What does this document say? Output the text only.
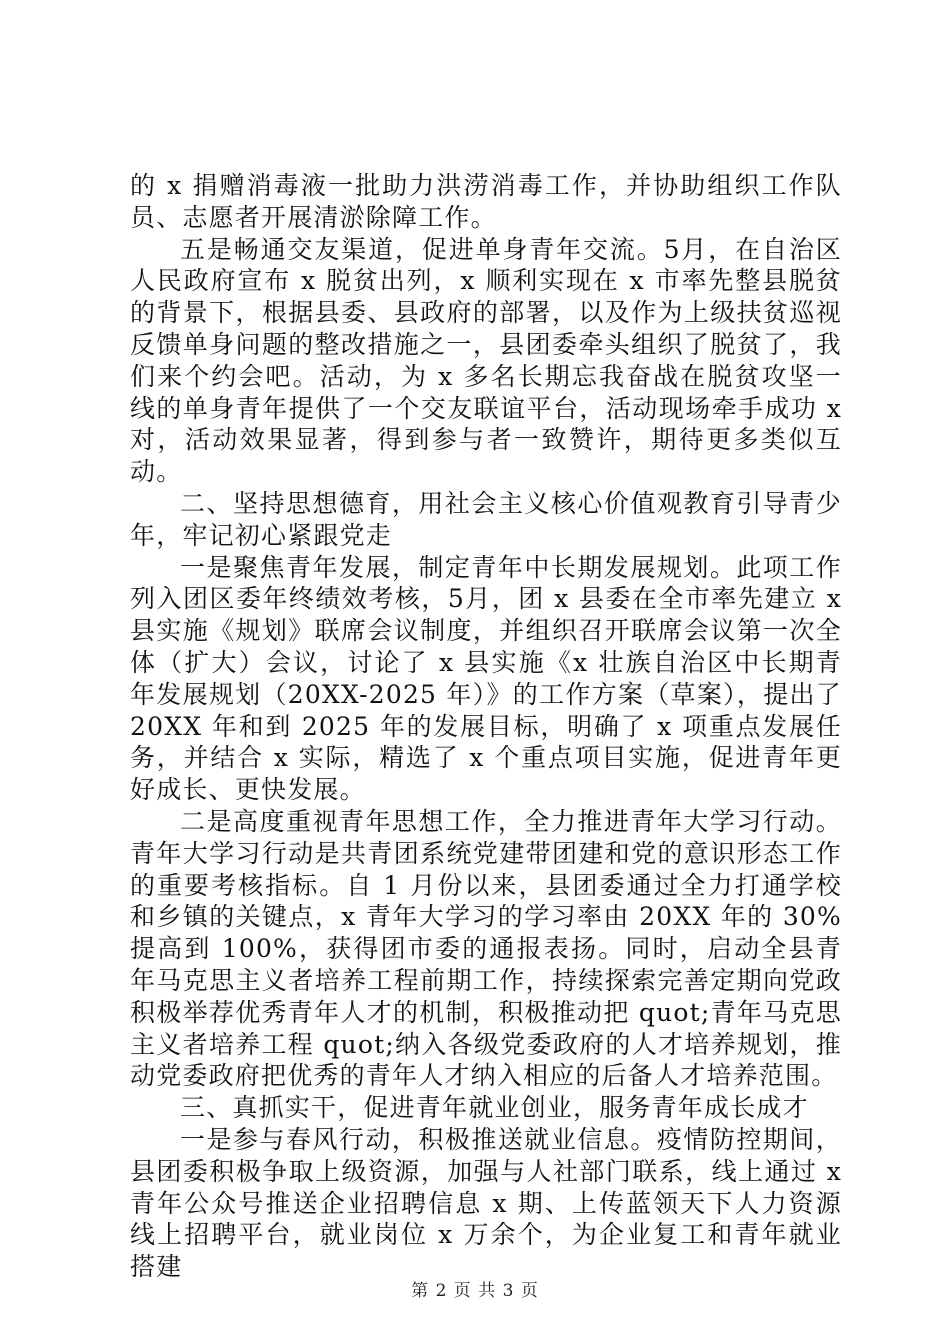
的 x 捐赠消毒液一批助力洪涝消毒工作，并协助组织工作队员、志愿者开展清淤除障工作。

五是畅通交友渠道，促进单身青年交流。5月，在自治区人民政府宣布 x 脱贫出列，x 顺利实现在 x 市率先整县脱贫的背景下，根据县委、县政府的部署，以及作为上级扶贫巡视反馈单身问题的整改措施之一，县团委牵头组织了脱贫了，我们来个约会吧。活动，为 x 多名长期忘我奋战在脱贫攻坚一线的单身青年提供了一个交友联谊平台，活动现场牵手成功 x 对，活动效果显著，得到参与者一致赞许，期待更多类似互动。

二、坚持思想德育，用社会主义核心价值观教育引导青少年，牢记初心紧跟党走

一是聚焦青年发展，制定青年中长期发展规划。此项工作列入团区委年终绩效考核，5月，团 x 县委在全市率先建立 x 县实施《规划》联席会议制度，并组织召开联席会议第一次全体（扩大）会议，讨论了 x 县实施《x 壮族自治区中长期青年发展规划（20XX-2025 年）》的工作方案（草案），提出了 20XX 年和到 2025 年的发展目标，明确了 x 项重点发展任务，并结合 x 实际，精选了 x 个重点项目实施，促进青年更好成长、更快发展。

二是高度重视青年思想工作，全力推进青年大学习行动。青年大学习行动是共青团系统党建带团建和党的意识形态工作的重要考核指标。自 1 月份以来，县团委通过全力打通学校和乡镇的关键点，x 青年大学习的学习率由 20XX 年的 30%提高到 100%，获得团市委的通报表扬。同时，启动全县青年马克思主义者培养工程前期工作，持续探索完善定期向党政积极举荐优秀青年人才的机制，积极推动把 quot;青年马克思主义者培养工程 quot;纳入各级党委政府的人才培养规划，推动党委政府把优秀的青年人才纳入相应的后备人才培养范围。

三、真抓实干，促进青年就业创业，服务青年成长成才

一是参与春风行动，积极推送就业信息。疫情防控期间，县团委积极争取上级资源，加强与人社部门联系，线上通过 x 青年公众号推送企业招聘信息 x 期、上传蓝领天下人力资源线上招聘平台，就业岗位 x 万余个，为企业复工和青年就业搭建

第 2 页 共 3 页
